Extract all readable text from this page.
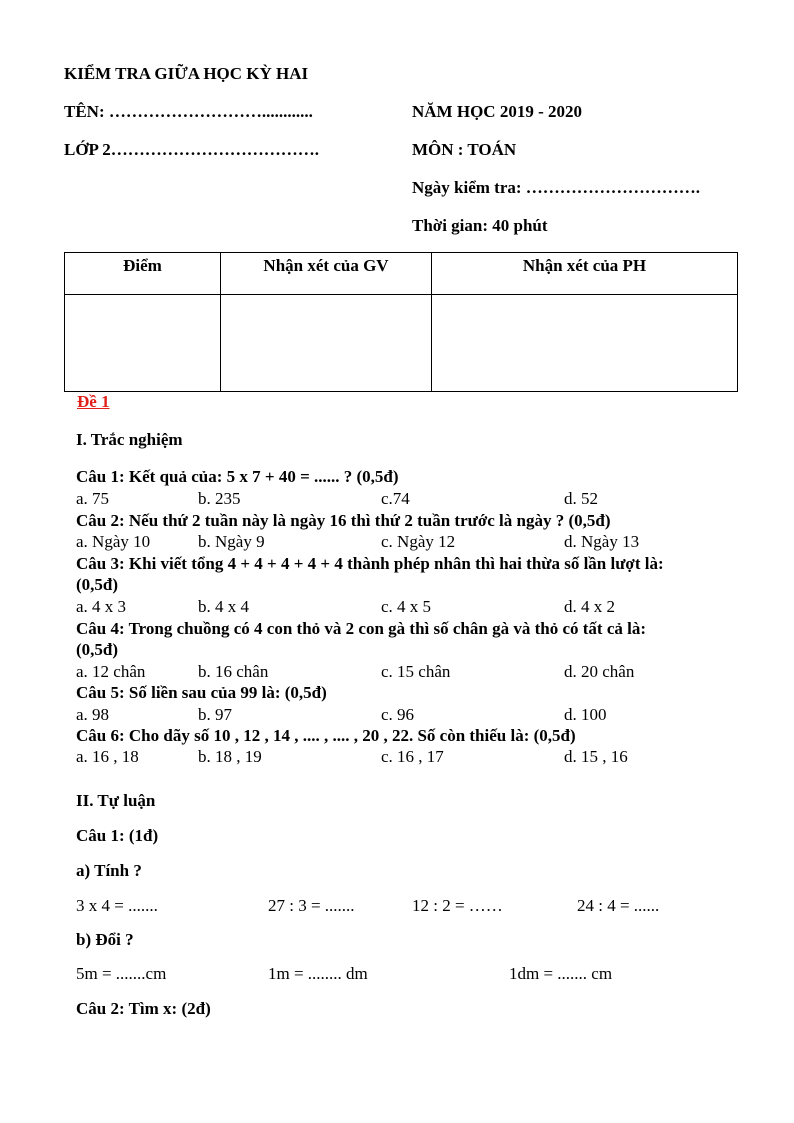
KIỂM TRA GIỮA HỌC KỲ HAI
TÊN: ………………………............	NĂM HỌC 2019 - 2020
LỚP 2……………………………….	MÔN : TOÁN
Ngày kiểm tra: ………………………….
Thời gian: 40 phút
Điểm	Nhận xét của GV	Nhận xét của PH

Đề 1
I. Trắc nghiệm
Câu 1: Kết quả của: 5 x 7 + 40 = ...... ? (0,5đ)
a. 75	b. 235	c.74	d. 52
Câu 2: Nếu thứ 2 tuần này là ngày 16 thì thứ 2 tuần trước là ngày ? (0,5đ)
a. Ngày 10	b. Ngày 9	c. Ngày 12	d. Ngày 13
Câu 3: Khi viết tổng 4 + 4 + 4 + 4 + 4 thành phép nhân thì hai thừa số lần lượt là:
(0,5đ)
a. 4 x 3	b. 4 x 4	c. 4 x 5	d. 4 x 2
Câu 4: Trong chuồng có 4 con thỏ và 2 con gà thì số chân gà và thỏ có tất cả là:
(0,5đ)
a. 12 chân	b. 16 chân	c. 15 chân	d. 20 chân
Câu 5: Số liền sau của 99 là: (0,5đ)
a. 98	b. 97	c. 96	d. 100
Câu 6: Cho dãy số 10 , 12 , 14 , .... , .... , 20 , 22. Số còn thiếu là: (0,5đ)
a. 16 , 18	b. 18 , 19	c. 16 , 17	d. 15 , 16
II. Tự luận
Câu 1: (1đ)
a) Tính ?
3 x 4 = .......	27 : 3 = .......	12 : 2 = ……	24 : 4 = ......
b) Đổi ?
5m = .......cm	1m = ........ dm	1dm = ....... cm
Câu 2: Tìm x: (2đ)
